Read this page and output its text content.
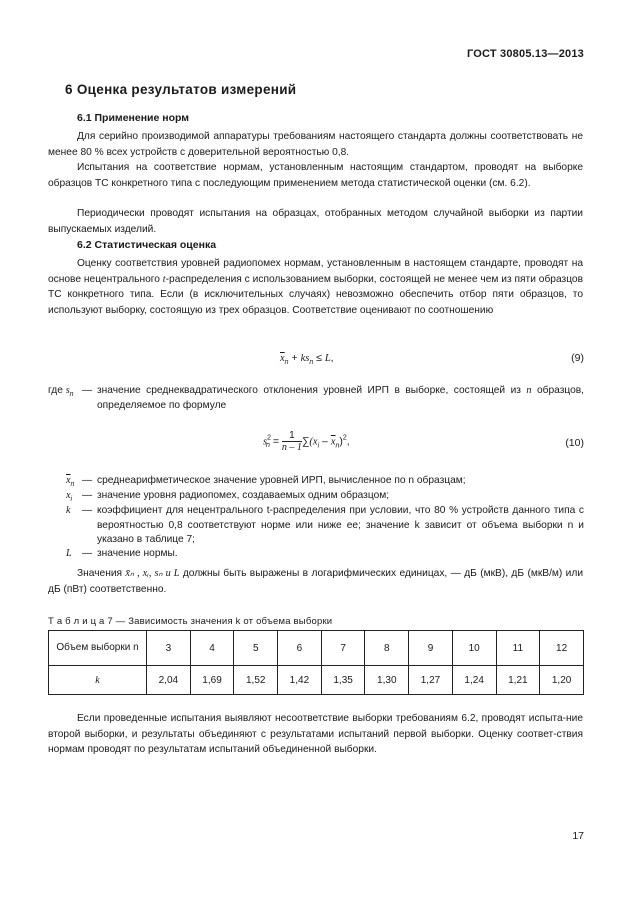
ГОСТ 30805.13—2013
6 Оценка результатов измерений
6.1 Применение норм
Для серийно производимой аппаратуры требованиям настоящего стандарта должны соответствовать не менее 80 % всех устройств с доверительной вероятностью 0,8.
Испытания на соответствие нормам, установленным настоящим стандартом, проводят на выборке образцов ТС конкретного типа с последующим применением метода статистической оценки (см. 6.2).
Периодически проводят испытания на образцах, отобранных методом случайной выборки из партии выпускаемых изделий.
6.2 Статистическая оценка
Оценку соответствия уровней радиопомех нормам, установленным в настоящем стандарте, проводят на основе нецентрального t-распределения с использованием выборки, состоящей не менее чем из пяти образцов ТС конкретного типа. Если (в исключительных случаях) невозможно обеспечить отбор пяти образцов, то используют выборку, состоящую из трех образцов. Соответствие оценивают по соотношению
$\overline{x}_n + ks_n \le L$,	(9)
где $s_n$ — значение среднеквадратического отклонения уровней ИРП в выборке, состоящей из n образцов, определяемое по формуле
$s^2_n = \frac{1}{n - 1} \sum(x_i - \overline{x}_n)^2$,	(10)
$\overline{x}_n$ — среднеарифметическое значение уровней ИРП, вычисленное по n образцам;
$x_i$ — значение уровня радиопомех, создаваемых одним образцом;
k	— коэффициент для нецентрального t-распределения при условии, что 80 % устройств данного типа с вероятностью 0,8 соответствуют норме или ниже ее; значение k зависит от объема выборки n и указано в таблице 7;
L	— значение нормы.
Значения x̄ₙ , xᵢ, sₙ и L должны быть выражены в логарифмических единицах, — дБ (мкВ), дБ (мкВ/м) или дБ (пВт) соответственно.
Т а б л и ц а 7 — Зависимость значения k от объема выборки
Объем выборки n	3	4	5	6	7	8	9	10	11	12
k	2,04	1,69	1,52	1,42	1,35	1,30	1,27	1,24	1,21	1,20
Если проведенные испытания выявляют несоответствие выборки требованиям 6.2, проводят испыта-ние второй выборки, и результаты объединяют с результатами испытаний первой выборки. Оценку соответ-ствия нормам проводят по результатам испытаний объединенной выборки.
17
